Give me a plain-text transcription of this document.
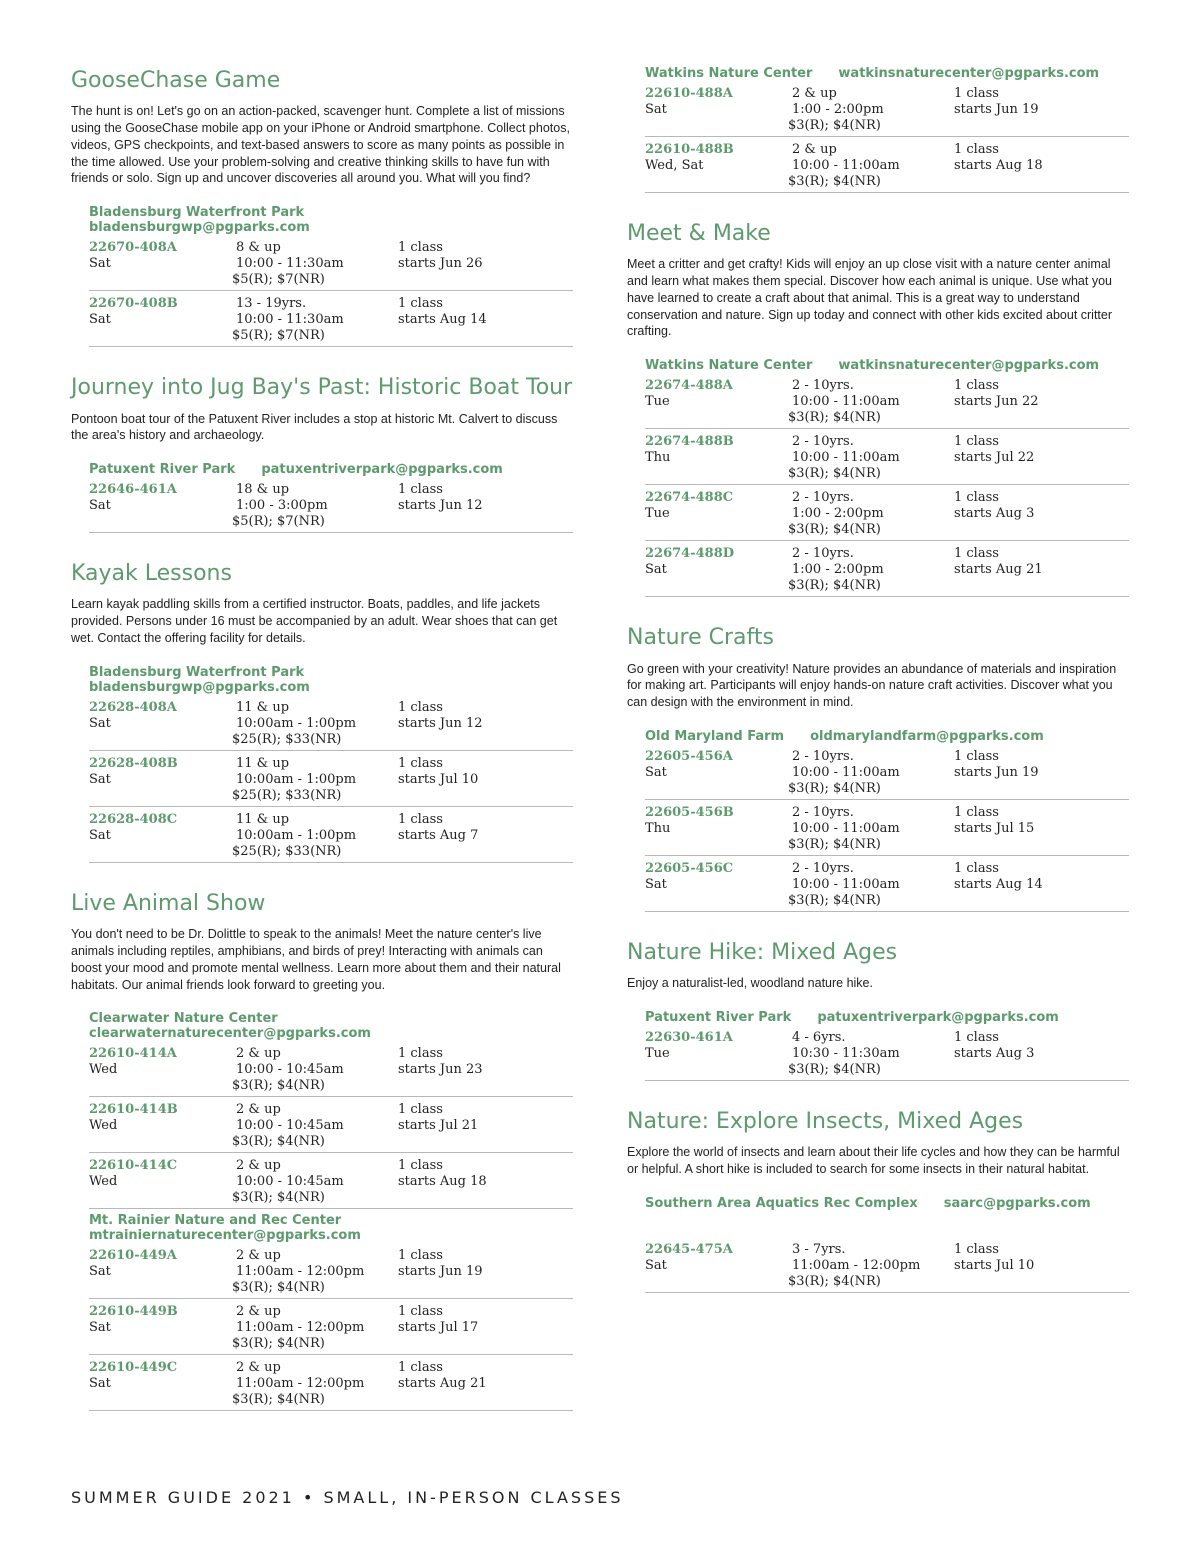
GooseChase Game

The hunt is on! Let's go on an action-packed, scavenger hunt. Complete a list of missions using the GooseChase mobile app on your iPhone or Android smartphone. Collect photos, videos, GPS checkpoints, and text-based answers to score as many points as possible in the time allowed. Use your problem-solving and creative thinking skills to have fun with friends or solo. Sign up and uncover discoveries all around you. What will you find?

Bladensburg Waterfront Park
bladensburgwp@pgparks.com
22670-408A
Sat
8 & up
10:00 - 11:30am
$5(R); $7(NR)
1 class
starts Jun 26
22670-408B
Sat
13 - 19yrs.
10:00 - 11:30am
$5(R); $7(NR)
1 class
starts Aug 14
Journey into Jug Bay's Past: Historic Boat Tour

Pontoon boat tour of the Patuxent River includes a stop at historic Mt. Calvert to discuss the area's history and archaeology.

Patuxent River Park patuxentriverpark@pgparks.com
22646-461A
Sat
18 & up
1:00 - 3:00pm
$5(R); $7(NR)
1 class
starts Jun 12
Kayak Lessons

Learn kayak paddling skills from a certified instructor. Boats, paddles, and life jackets provided. Persons under 16 must be accompanied by an adult. Wear shoes that can get wet. Contact the offering facility for details.

Bladensburg Waterfront Park
bladensburgwp@pgparks.com
22628-408A
Sat
11 & up
10:00am - 1:00pm
$25(R); $33(NR)
1 class
starts Jun 12
22628-408B
Sat
11 & up
10:00am - 1:00pm
$25(R); $33(NR)
1 class
starts Jul 10
22628-408C
Sat
11 & up
10:00am - 1:00pm
$25(R); $33(NR)
1 class
starts Aug 7
Live Animal Show

You don't need to be Dr. Dolittle to speak to the animals! Meet the nature center's live animals including reptiles, amphibians, and birds of prey! Interacting with animals can boost your mood and promote mental wellness. Learn more about them and their natural habitats. Our animal friends look forward to greeting you.

Clearwater Nature Center
clearwaternaturecenter@pgparks.com
22610-414A
Wed
2 & up
10:00 - 10:45am
$3(R); $4(NR)
1 class
starts Jun 23
22610-414B
Wed
2 & up
10:00 - 10:45am
$3(R); $4(NR)
1 class
starts Jul 21
22610-414C
Wed
2 & up
10:00 - 10:45am
$3(R); $4(NR)
1 class
starts Aug 18
Mt. Rainier Nature and Rec Center
mtrainiernaturecenter@pgparks.com
22610-449A
Sat
2 & up
11:00am - 12:00pm
$3(R); $4(NR)
1 class
starts Jun 19
22610-449B
Sat
2 & up
11:00am - 12:00pm
$3(R); $4(NR)
1 class
starts Jul 17
22610-449C
Sat
2 & up
11:00am - 12:00pm
$3(R); $4(NR)
1 class
starts Aug 21
Watkins Nature Center watkinsnaturecenter@pgparks.com
22610-488A
Sat
2 & up
1:00 - 2:00pm
$3(R); $4(NR)
1 class
starts Jun 19
22610-488B
Wed, Sat
2 & up
10:00 - 11:00am
$3(R); $4(NR)
1 class
starts Aug 18
Meet & Make

Meet a critter and get crafty! Kids will enjoy an up close visit with a nature center animal and learn what makes them special. Discover how each animal is unique. Use what you have learned to create a craft about that animal. This is a great way to understand conservation and nature. Sign up today and connect with other kids excited about critter crafting.

Watkins Nature Center watkinsnaturecenter@pgparks.com
22674-488A
Tue
2 - 10yrs.
10:00 - 11:00am
$3(R); $4(NR)
1 class
starts Jun 22
22674-488B
Thu
2 - 10yrs.
10:00 - 11:00am
$3(R); $4(NR)
1 class
starts Jul 22
22674-488C
Tue
2 - 10yrs.
1:00 - 2:00pm
$3(R); $4(NR)
1 class
starts Aug 3
22674-488D
Sat
2 - 10yrs.
1:00 - 2:00pm
$3(R); $4(NR)
1 class
starts Aug 21
Nature Crafts

Go green with your creativity! Nature provides an abundance of materials and inspiration for making art. Participants will enjoy hands-on nature craft activities. Discover what you can design with the environment in mind.

Old Maryland Farm oldmarylandfarm@pgparks.com
22605-456A
Sat
2 - 10yrs.
10:00 - 11:00am
$3(R); $4(NR)
1 class
starts Jun 19
22605-456B
Thu
2 - 10yrs.
10:00 - 11:00am
$3(R); $4(NR)
1 class
starts Jul 15
22605-456C
Sat
2 - 10yrs.
10:00 - 11:00am
$3(R); $4(NR)
1 class
starts Aug 14
Nature Hike: Mixed Ages

Enjoy a naturalist-led, woodland nature hike.

Patuxent River Park patuxentriverpark@pgparks.com
22630-461A
Tue
4 - 6yrs.
10:30 - 11:30am
$3(R); $4(NR)
1 class
starts Aug 3
Nature: Explore Insects, Mixed Ages

Explore the world of insects and learn about their life cycles and how they can be harmful or helpful. A short hike is included to search for some insects in their natural habitat.

Southern Area Aquatics Rec Complex saarc@pgparks.com
22645-475A
Sat
3 - 7yrs.
11:00am - 12:00pm
$3(R); $4(NR)
1 class
starts Jul 10
SUMMER GUIDE 2021 • SMALL, IN-PERSON CLASSES
